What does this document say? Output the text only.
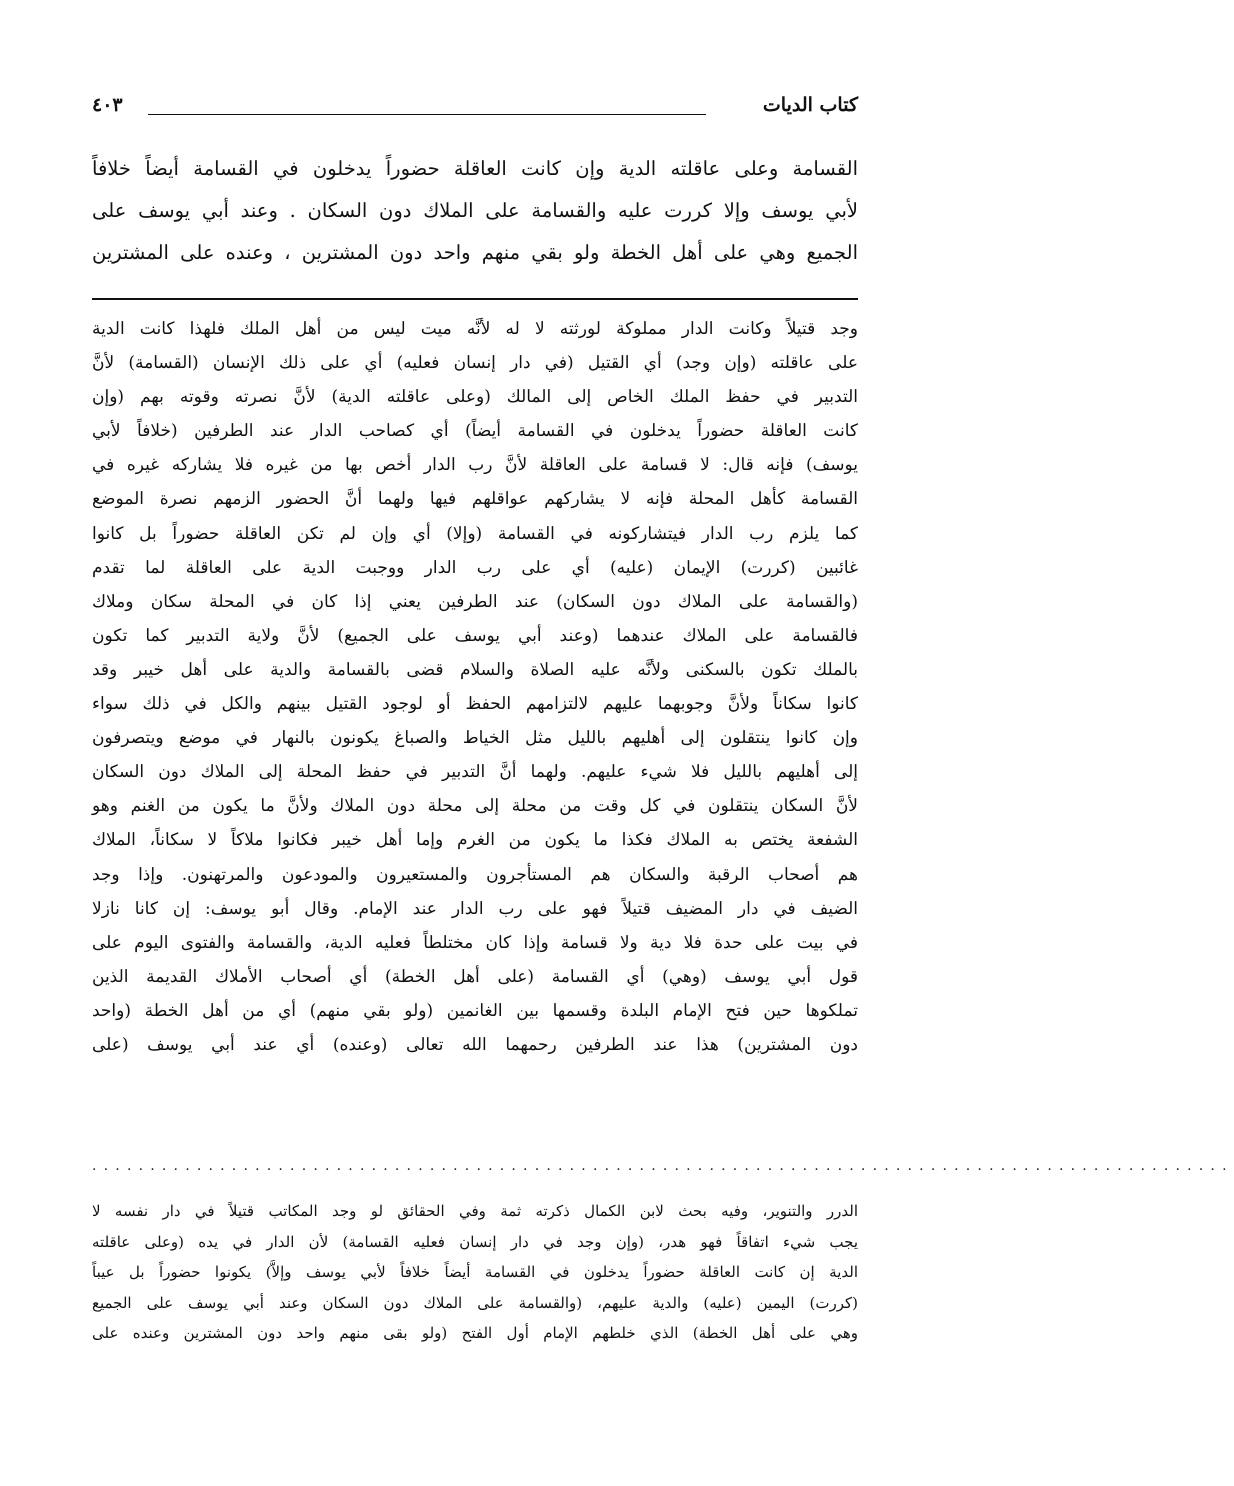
كتاب الديات
٤٠٣
القسامة وعلى عاقلته الدية وإن كانت العاقلة حضوراً يدخلون في القسامة أيضاً خلافاً
لأبي يوسف وإلا كررت عليه والقسامة على الملاك دون السكان . وعند أبي يوسف على
الجميع وهي على أهل الخطة ولو بقي منهم واحد دون المشترين ، وعنده على المشترين
وجد قتيلاً وكانت الدار مملوكة لورثته لا له لأنَّه ميت ليس من أهل الملك فلهذا كانت الدية
على عاقلته (وإن وجد) أي القتيل (في دار إنسان فعليه) أي على ذلك الإنسان (القسامة) لأنَّ
التدبير في حفظ الملك الخاص إلى المالك (وعلى عاقلته الدية) لأنَّ نصرته وقوته بهم (وإن
كانت العاقلة حضوراً يدخلون في القسامة أيضاً) أي كصاحب الدار عند الطرفين (خلافاً لأبي
يوسف) فإنه قال: لا قسامة على العاقلة لأنَّ رب الدار أخص بها من غيره فلا يشاركه غيره في
القسامة كأهل المحلة فإنه لا يشاركهم عواقلهم فيها ولهما أنَّ الحضور الزمهم نصرة الموضع
كما يلزم رب الدار فيتشاركونه في القسامة (وإلا) أي وإن لم تكن العاقلة حضوراً بل كانوا
غائبين (كررت) الإيمان (عليه) أي على رب الدار ووجبت الدية على العاقلة لما تقدم
(والقسامة على الملاك دون السكان) عند الطرفين يعني إذا كان في المحلة سكان وملاك
فالقسامة على الملاك عندهما (وعند أبي يوسف على الجميع) لأنَّ ولاية التدبير كما تكون
بالملك تكون بالسكنى ولأنَّه عليه الصلاة والسلام قضى بالقسامة والدية على أهل خيبر وقد
كانوا سكاناً ولأنَّ وجوبهما عليهم لالتزامهم الحفظ أو لوجود القتيل بينهم والكل في ذلك سواء
وإن كانوا ينتقلون إلى أهليهم بالليل مثل الخياط والصباغ يكونون بالنهار في موضع ويتصرفون
إلى أهليهم بالليل فلا شيء عليهم. ولهما أنَّ التدبير في حفظ المحلة إلى الملاك دون السكان
لأنَّ السكان ينتقلون في كل وقت من محلة إلى محلة دون الملاك ولأنَّ ما يكون من الغنم وهو
الشفعة يختص به الملاك فكذا ما يكون من الغرم وإما أهل خيبر فكانوا ملاكاً لا سكاناً، الملاك
هم أصحاب الرقبة والسكان هم المستأجرون والمستعيرون والمودعون والمرتهنون. وإذا وجد
الضيف في دار المضيف قتيلاً فهو على رب الدار عند الإمام. وقال أبو يوسف: إن كانا نازلا
في بيت على حدة فلا دية ولا قسامة وإذا كان مختلطاً فعليه الدية، والقسامة والفتوى اليوم على
قول أبي يوسف (وهي) أي القسامة (على أهل الخطة) أي أصحاب الأملاك القديمة الذين
تملكوها حين فتح الإمام البلدة وقسمها بين الغانمين (ولو بقي منهم) أي من أهل الخطة (واحد
دون المشترين) هذا عند الطرفين رحمهما الله تعالى (وعنده) أي عند أبي يوسف (على
..................................................................................................
الدرر والتنوير، وفيه بحث لابن الكمال ذكرته ثمة وفي الحقائق لو وجد المكاتب قتيلاً في دار نفسه لا
يجب شيء اتفاقاً فهو هدر، (وإن وجد في دار إنسان فعليه القسامة) لأن الدار في يده (وعلى عاقلته
الدية إن كانت العاقلة حضوراً يدخلون في القسامة أيضاً خلافاً لأبي يوسف وإلاَّ) يكونوا حضوراً بل عيباً
(كررت) اليمين (عليه) والدية عليهم، (والقسامة على الملاك دون السكان وعند أبي يوسف على الجميع
وهي على أهل الخطة) الذي خلطهم الإمام أول الفتح (ولو بقى منهم واحد دون المشترين وعنده على
